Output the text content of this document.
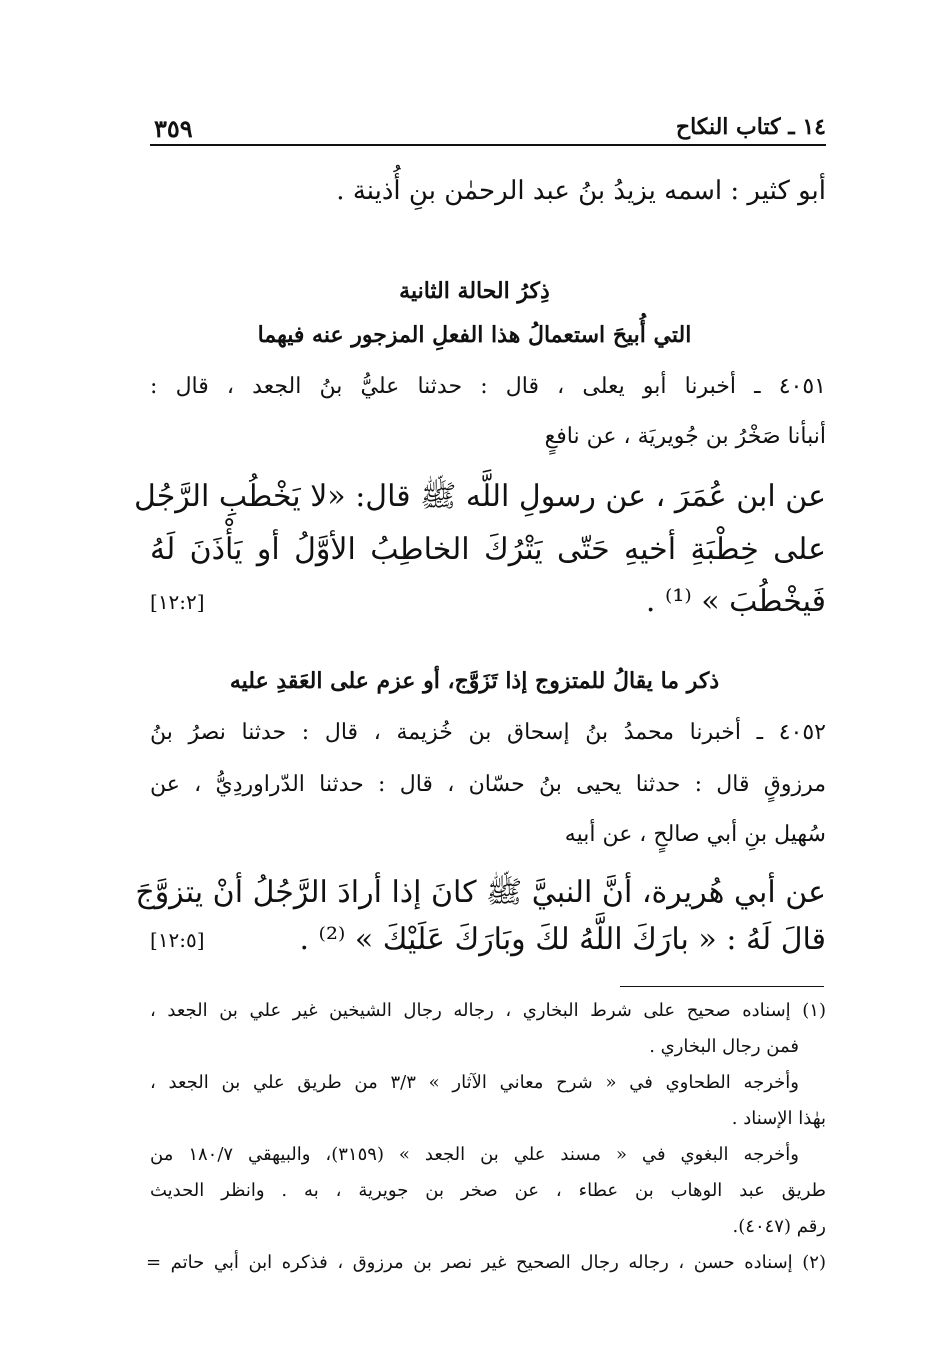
١٤ ـ كتاب النكاح
٣٥٩
أبو كثير : اسمه يزيدُ بنُ عبد الرحمٰن بنِ أُذينة .
ذِكرُ الحالة الثانية
التي أُبيحَ استعمالُ هذا الفعلِ المزجور عنه فيهما
٤٠٥١ ـ أخبرنا أبو يعلى ، قال : حدثنا عليُّ بنُ الجعد ، قال :
أنبأنا صَخْرُ بن جُويريَة ، عن نافعٍ
عن ابن عُمَرَ ، عن رسولِ اللَّه ﷺ قال: «لا يَخْطُبِ الرَّجُل
على خِطْبَةِ أخيهِ حَتّى يَتْرُكَ الخاطِبُ الأوَّلُ أو يَأْذَنَ لَهُ
فَيخْطُبَ » ⁽¹⁾ .
[١٢:٢]
ذكر ما يقالُ للمتزوج إذا تَزَوَّج، أو عزم على العَقدِ عليه
٤٠٥٢ ـ أخبرنا محمدُ بنُ إسحاق بن خُزيمة ، قال : حدثنا نصرُ بنُ
مرزوقٍ قال : حدثنا يحيى بنُ حسّان ، قال : حدثنا الدّراوردِيُّ ، عن
سُهيل بنِ أبي صالحٍ ، عن أبيه
عن أبي هُريرة، أنَّ النبيَّ ﷺ كانَ إذا أرادَ الرَّجُلُ أنْ يتزوَّجَ
قالَ لَهُ : « بارَكَ اللَّهُ لكَ وبَارَكَ عَلَيْكَ » ⁽²⁾ .
[١٢:٥]
(١) إسناده صحيح على شرط البخاري ، رجاله رجال الشيخين غير علي بن الجعد ،
فمن رجال البخاري .
وأخرجه الطحاوي في « شرح معاني الآثار » ٣/٣ من طريق علي بن الجعد ،
بهٰذا الإسناد .
وأخرجه البغوي في « مسند علي بن الجعد » (٣١٥٩)، والبيهقي ١٨٠/٧ من
طريق عبد الوهاب بن عطاء ، عن صخر بن جويرية ، به . وانظر الحديث
رقم (٤٠٤٧).
(٢) إسناده حسن ، رجاله رجال الصحيح غير نصر بن مرزوق ، فذكره ابن أبي حاتم =
